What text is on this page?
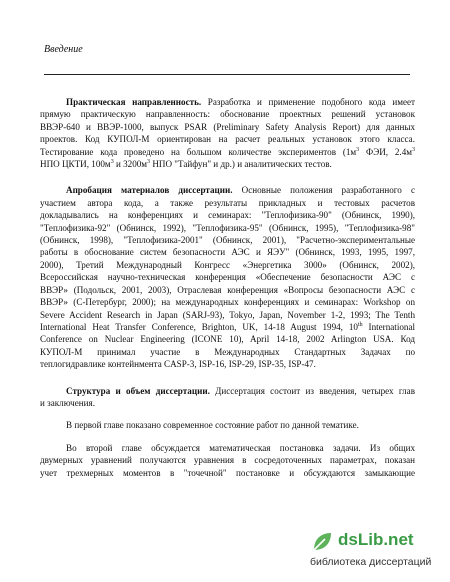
Введение
Практическая направленность. Разработка и применение подобного кода имеет
прямую практическую направленность: обоснование проектных решений установок
ВВЭР-640 и ВВЭР-1000, выпуск PSAR (Preliminary Safety Analysis Report) для данных
проектов. Код КУПОЛ-М ориентирован на расчет реальных установок этого класса.
Тестирование кода проведено на большом количестве экспериментов ($1м^3$ ФЭИ, $2.4м^3$
НПО ЦКТИ, $100м^3$ и $3200м^3$ НПО "Тайфун" и др.) и аналитических тестов.
Апробация материалов диссертации. Основные положения разработанного с
участием автора кода, а также результаты прикладных и тестовых расчетов
докладывались на конференциях и семинарах: "Теплофизика-90" (Обнинск, 1990),
"Теплофизика-92" (Обнинск, 1992), "Теплофизика-95" (Обнинск, 1995), "Теплофизика-98"
(Обнинск, 1998), "Теплофизика-2001" (Обнинск, 2001), "Расчетно-экспериментальные
работы в обоснование систем безопасности АЭС и ЯЭУ" (Обнинск, 1993, 1995, 1997,
2000), Третий Международный Конгресс «Энергетика 3000» (Обнинск, 2002),
Всероссийская научно-техническая конференция «Обеспечение безопасности АЭС с
ВВЭР» (Подольск, 2001, 2003), Отраслевая конференция «Вопросы безопасности АЭС с
ВВЭР» (С-Петербург, 2000); на международных конференциях и семинарах: Workshop on
Severe Accident Research in Japan (SARJ-93), Tokyo, Japan, November 1-2, 1993; The Tenth
International Heat Transfer Conference, Brighton, UK, 14-18 August 1994, 10th International
Conference on Nuclear Engineering (ICONE 10), April 14-18, 2002 Arlington USA. Код
КУПОЛ-М принимал участие в Международных Стандартных Задачах по
теплогидравлике контейнмента CASP-3, ISP-16, ISP-29, ISP-35, ISP-47.
Структура и объем диссертации. Диссертация состоит из введения, четырех глав
и заключения.
В первой главе показано современное состояние работ по данной тематике.
Во второй главе обсуждается математическая постановка задачи. Из общих
двумерных уравнений получаются уравнения в сосредоточенных параметрах, показан
учет трехмерных моментов в "точечной" постановке и обсуждаются замыкающие
dsLib.net
библиотека диссертаций
